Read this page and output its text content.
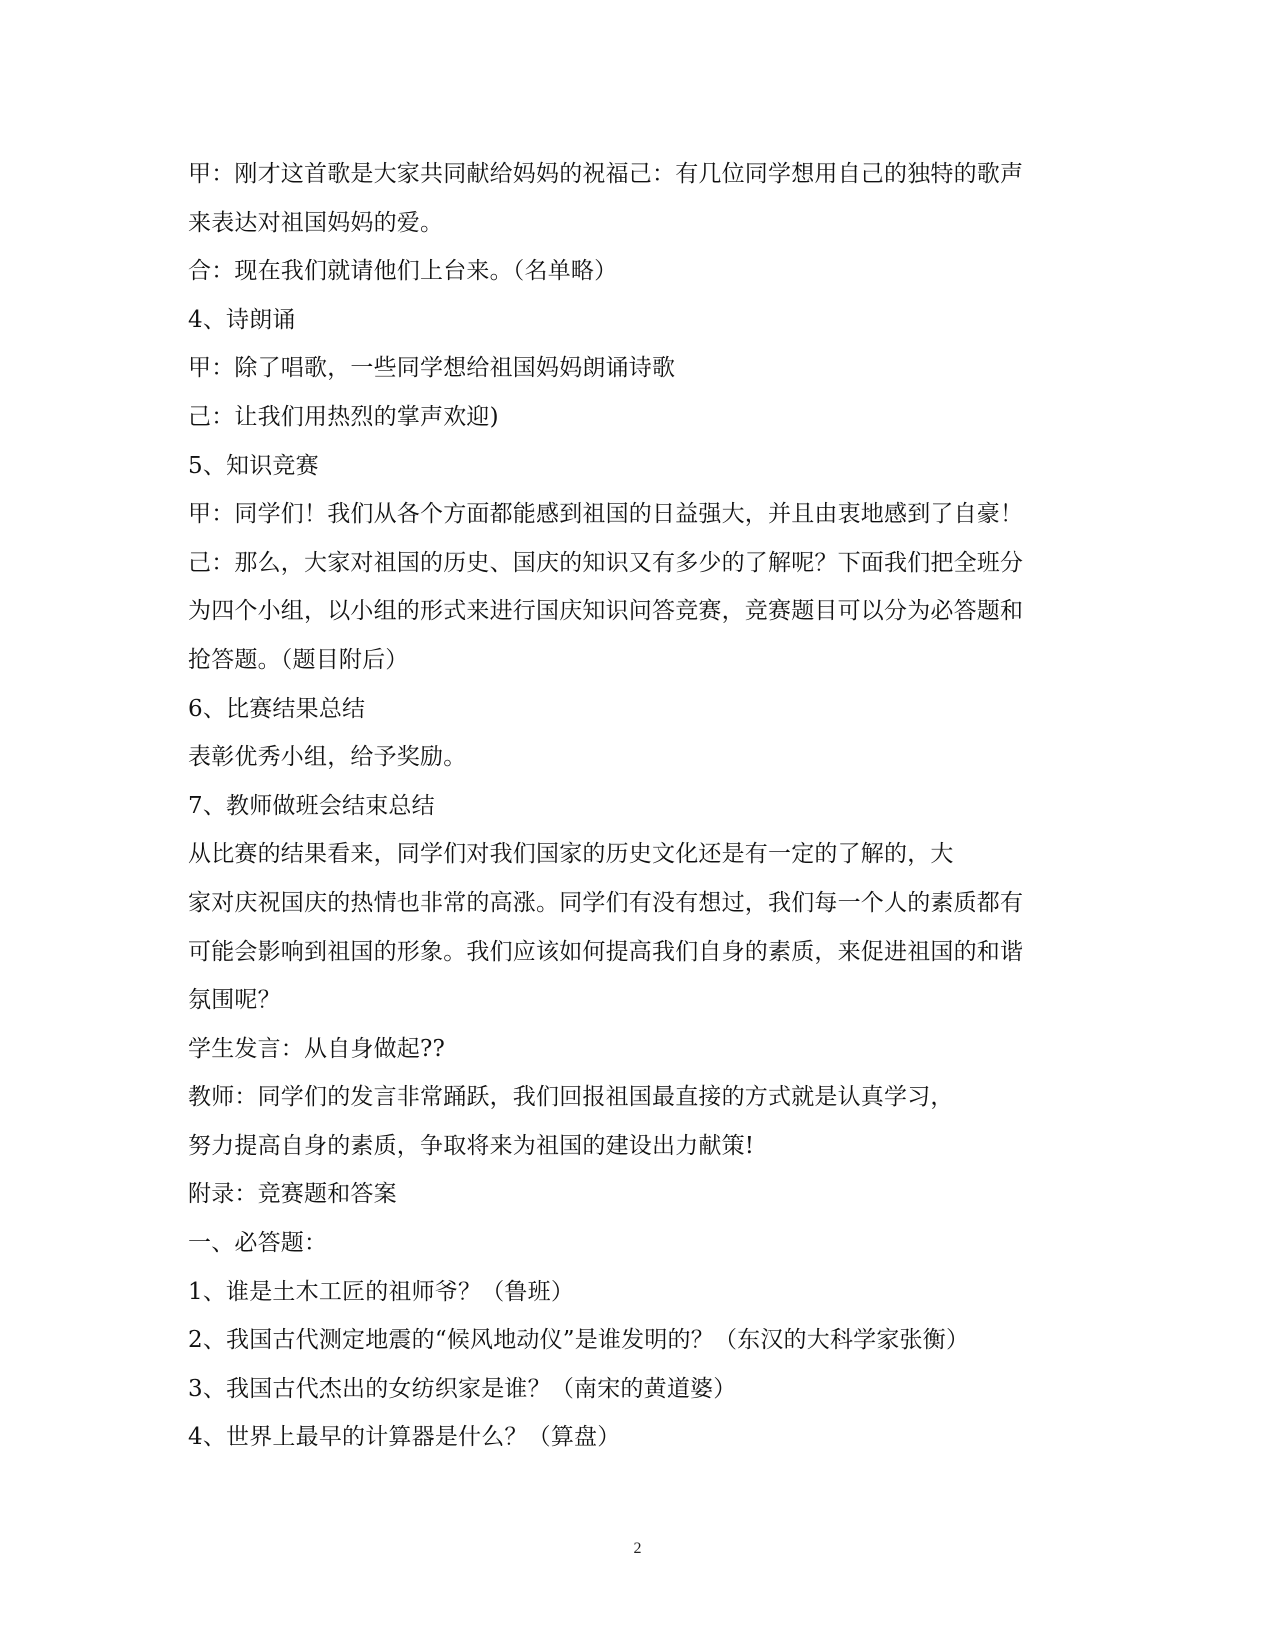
甲：刚才这首歌是大家共同献给妈妈的祝福己：有几位同学想用自己的独特的歌声
来表达对祖国妈妈的爱。
合：现在我们就请他们上台来。（名单略）
4、诗朗诵
甲：除了唱歌，一些同学想给祖国妈妈朗诵诗歌
己：让我们用热烈的掌声欢迎)
5、知识竞赛
甲：同学们！我们从各个方面都能感到祖国的日益强大，并且由衷地感到了自豪！
己：那么，大家对祖国的历史、国庆的知识又有多少的了解呢？下面我们把全班分
为四个小组，以小组的形式来进行国庆知识问答竞赛，竞赛题目可以分为必答题和
抢答题。（题目附后）
6、比赛结果总结
表彰优秀小组，给予奖励。
7、教师做班会结束总结
从比赛的结果看来，同学们对我们国家的历史文化还是有一定的了解的，大
家对庆祝国庆的热情也非常的高涨。同学们有没有想过，我们每一个人的素质都有
可能会影响到祖国的形象。我们应该如何提高我们自身的素质，来促进祖国的和谐
氛围呢？
学生发言：从自身做起??
教师：同学们的发言非常踊跃，我们回报祖国最直接的方式就是认真学习，
努力提高自身的素质，争取将来为祖国的建设出力献策!
附录：竞赛题和答案
一、必答题：
1、谁是土木工匠的祖师爷？（鲁班）
2、我国古代测定地震的“候风地动仪”是谁发明的？（东汉的大科学家张衡）
3、我国古代杰出的女纺织家是谁？（南宋的黄道婆）
4、世界上最早的计算器是什么？（算盘）
2
